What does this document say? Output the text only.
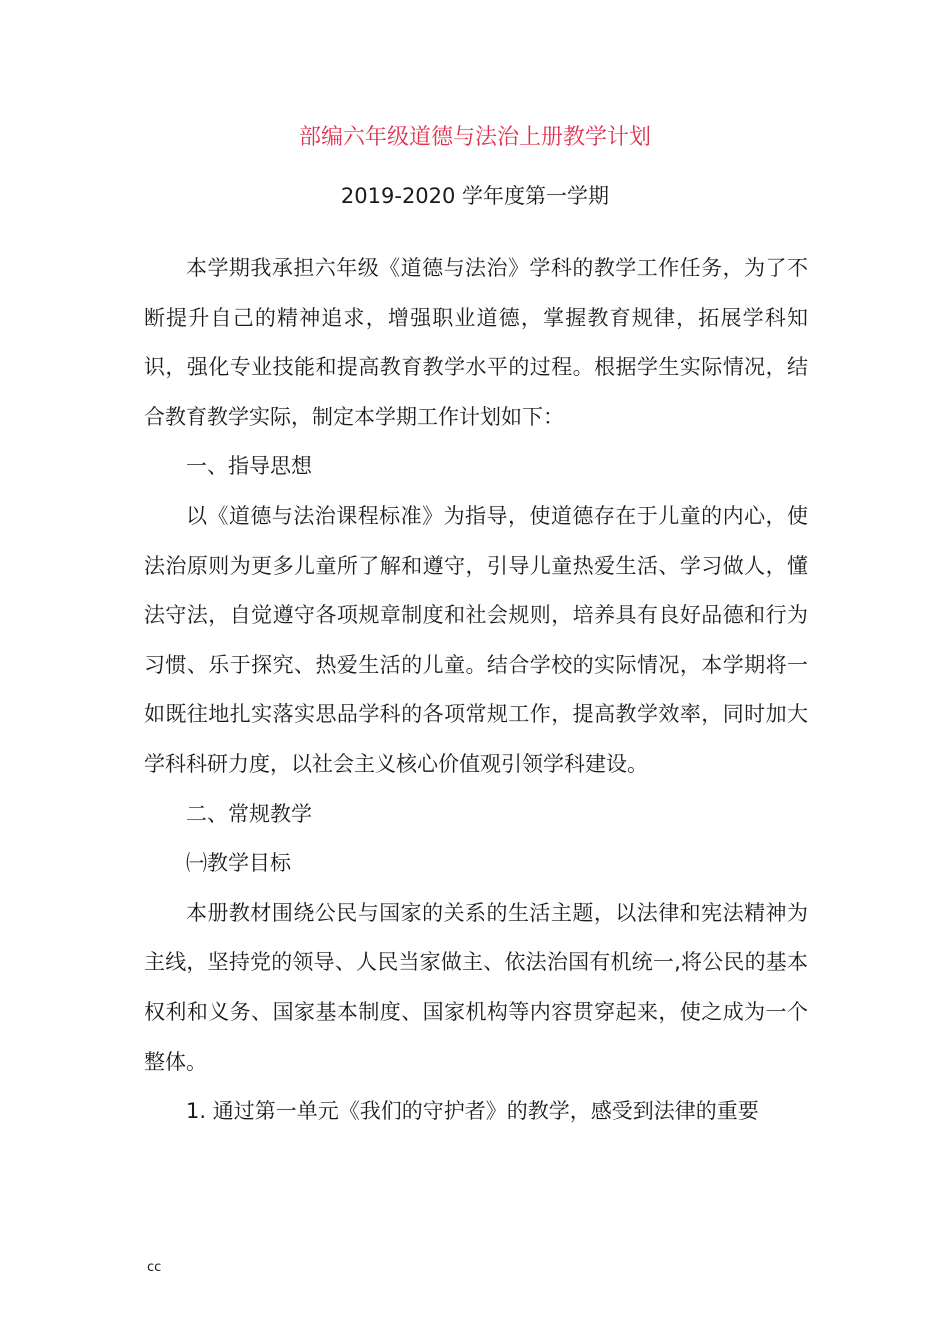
部编六年级道德与法治上册教学计划
2019-2020 学年度第一学期

本学期我承担六年级《道德与法治》学科的教学工作任务，为了不断提升自己的精神追求，增强职业道德，掌握教育规律，拓展学科知识，强化专业技能和提高教育教学水平的过程。根据学生实际情况，结合教育教学实际，制定本学期工作计划如下：

一、指导思想

以《道德与法治课程标准》为指导，使道德存在于儿童的内心，使法治原则为更多儿童所了解和遵守，引导儿童热爱生活、学习做人，懂法守法，自觉遵守各项规章制度和社会规则，培养具有良好品德和行为习惯、乐于探究、热爱生活的儿童。结合学校的实际情况，本学期将一如既往地扎实落实思品学科的各项常规工作，提高教学效率，同时加大学科科研力度，以社会主义核心价值观引领学科建设。

二、常规教学

㈠教学目标

本册教材围绕公民与国家的关系的生活主题，以法律和宪法精神为主线，坚持党的领导、人民当家做主、依法治国有机统一,将公民的基本权利和义务、国家基本制度、国家机构等内容贯穿起来，使之成为一个整体。

1. 通过第一单元《我们的守护者》的教学，感受到法律的重要

cc
